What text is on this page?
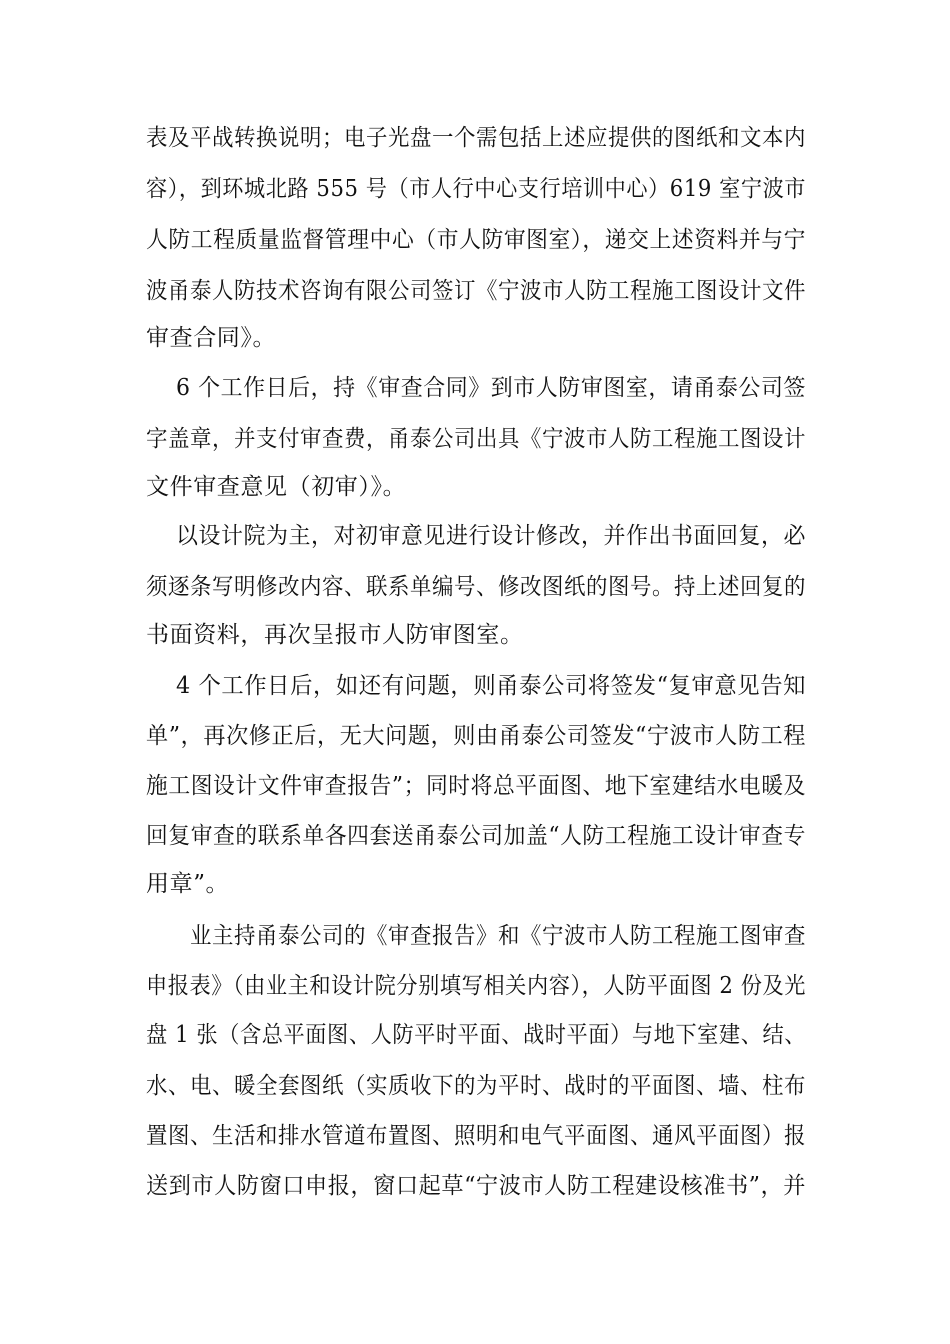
表及平战转换说明；电子光盘一个需包括上述应提供的图纸和文本内
容），到环城北路 555 号（市人行中心支行培训中心）619 室宁波市
人防工程质量监督管理中心（市人防审图室），递交上述资料并与宁
波甬泰人防技术咨询有限公司签订《宁波市人防工程施工图设计文件
审查合同》。
6 个工作日后，持《审查合同》到市人防审图室，请甬泰公司签
字盖章，并支付审查费，甬泰公司出具《宁波市人防工程施工图设计
文件审查意见（初审）》。
以设计院为主，对初审意见进行设计修改，并作出书面回复，必
须逐条写明修改内容、联系单编号、修改图纸的图号。持上述回复的
书面资料，再次呈报市人防审图室。
4 个工作日后，如还有问题，则甬泰公司将签发“复审意见告知
单”，再次修正后，无大问题，则由甬泰公司签发“宁波市人防工程
施工图设计文件审查报告”；同时将总平面图、地下室建结水电暖及
回复审查的联系单各四套送甬泰公司加盖“人防工程施工设计审查专
用章”。
业主持甬泰公司的《审查报告》和《宁波市人防工程施工图审查
申报表》（由业主和设计院分别填写相关内容），人防平面图 2 份及光
盘 1 张（含总平面图、人防平时平面、战时平面）与地下室建、结、
水、电、暖全套图纸（实质收下的为平时、战时的平面图、墙、柱布
置图、生活和排水管道布置图、照明和电气平面图、通风平面图）报
送到市人防窗口申报，窗口起草“宁波市人防工程建设核准书”，并
